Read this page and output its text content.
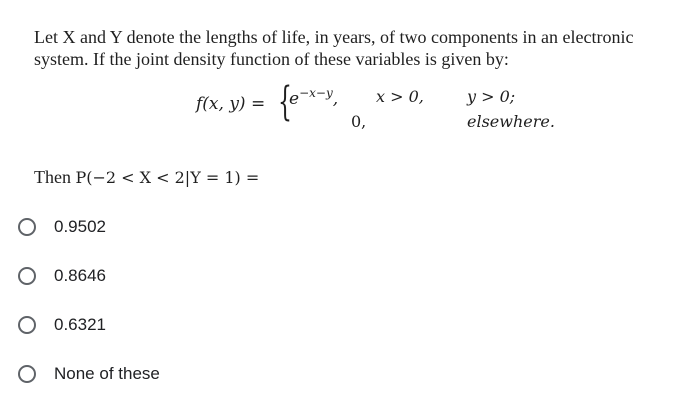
Let X and Y denote the lengths of life, in years, of two components in an electronic system. If the joint density function of these variables is given by:
f(x, y) = {
$e^{-x-y}$, x > 0,	y > 0;
0,	elsewhere.
Then P(−2 < X < 2|Y = 1) =
0.9502
0.8646
0.6321
None of these
